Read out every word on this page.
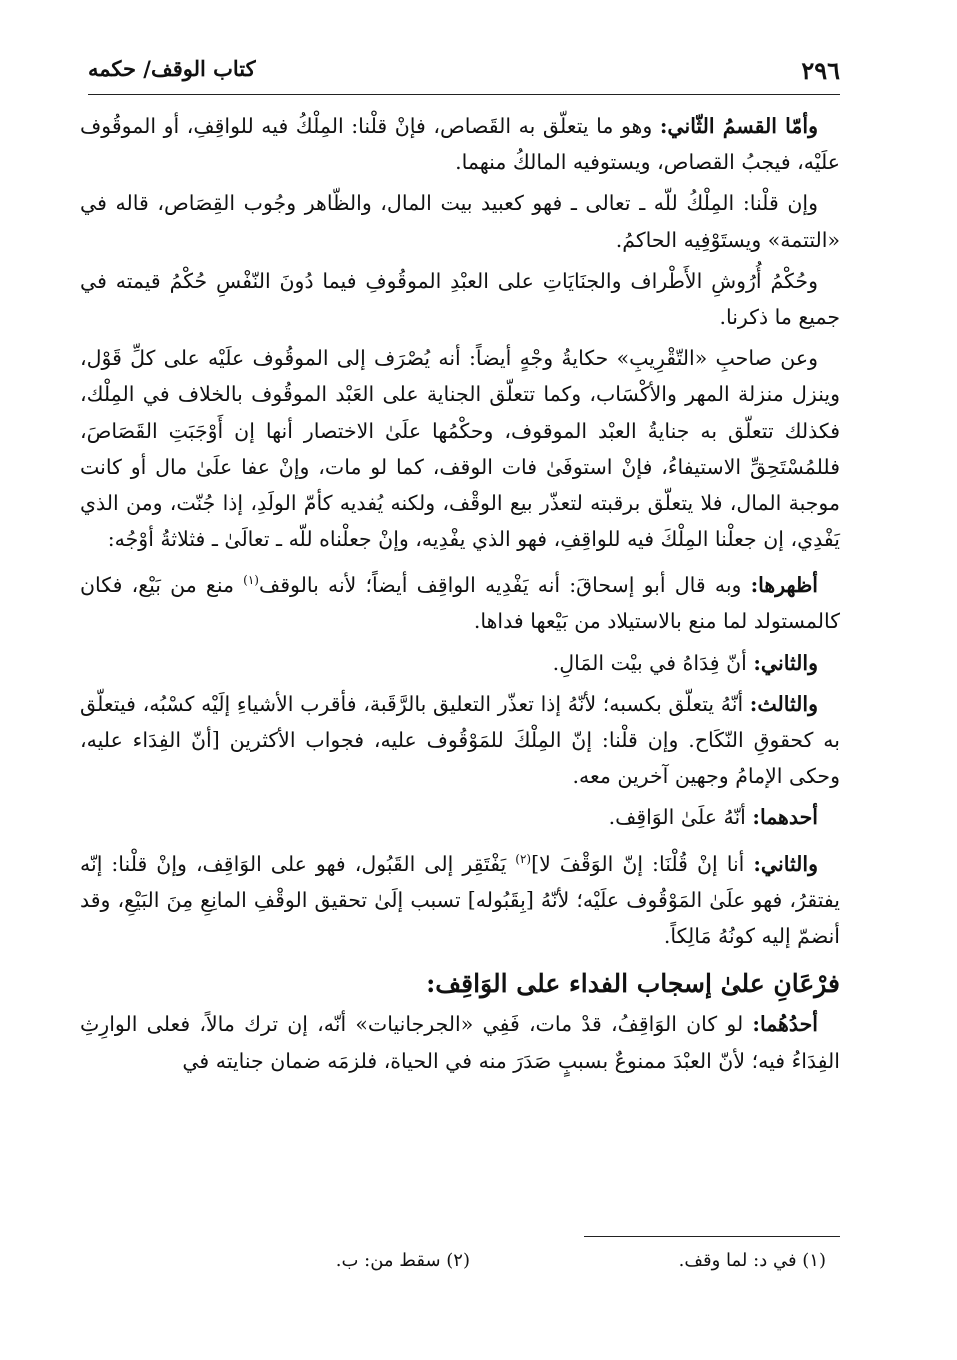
٢٩٦
كتاب الوقف/ حكمه

وأمّا القسمُ الثّاني: وهو ما يتعلّق به القَصاص، فإنْ قلْنا: المِلْكُ فيه للواقِفِ، أو الموقُوف علَيْه، فيجبُ القصاص، ويستوفيه المالكُ منهما.

وإن قلْنا: المِلْكُ للّه ـ تعالى ـ فهو كعبيد بيت المال، والظّاهر وجُوب القِصَاص، قاله في «التتمة» ويستَوْفِيه الحاكمُ.

وحُكْمُ أُرُوشِ الأَطْراف والجنَايَاتِ على العبْدِ الموقُوفِ فيما دُونَ النّفْسِ حُكْمُ قيمته في جميع ما ذكرنا.

وعن صاحبِ «التّقْرِيبِ» حكايةُ وجْهٍ أيضاً: أنه يُصْرَف إلى الموقُوف علَيْه على كلِّ قَوْل، وينزل منزلة المهر والأكْسَاب، وكما تتعلّق الجناية على العَبْد الموقُوف بالخلاف في المِلْك، فكذلك تتعلّق به جنايةُ العبْد الموقوف، وحكْمُها علَىٰ الاختصار أنها إن أَوْجَبَتِ القَصَاصَ، فللمُسْتَحِقِّ الاستيفاءُ، فإنْ استوفَىٰ فات الوقف، كما لو مات، وإنْ عفا علَىٰ مال أو كانت موجبة المال، فلا يتعلّق برقبته لتعذّر بيع الوقْف، ولكنه يُفديه كأمّ الولَدِ، إذا جُنّت، ومن الذي يَفْدِي، إن جعلْنا المِلْكَ فيه للواقِفِ، فهو الذي يفْدِيه، وإنْ جعلْناه للّه ـ تعالَىٰ ـ فثلاثةُ أوْجُه:

أظهرها: وبه قال أبو إسحاقَ: أنه يَفْدِيه الواقِف أيضاً؛ لأنه بالوقف$^{(١)}$ منع من بَيْع، فكان كالمستولد لما منع بالاستيلاد من بَيْعها فداها.

والثاني: أنّ فِدَاهُ في بيْت المَالِ.

والثالث: أنّهُ يتعلّق بكسبه؛ لأنّهُ إذا تعذّر التعليق بالرَّقَبة، فأقرب الأشياءِ إلَيْه كسْبُه، فيتعلّق به كحقوقِ النّكَاح. وإن قلْنا: إنّ المِلْكَ للمَوْقُوف عليه، فجواب الأكثرين [أنّ الفِدَاء عليه، وحكى الإمامُ وجهين آخرين معه.

أحدهما: أنّهُ علَىٰ الوَاقِف.

والثاني: أنا إنْ قُلْنَا: إنّ الوَقْفَ لا]$^{(٢)}$ يَفْتَقِر إلى القَبُول، فهو على الوَاقِف، وإنْ قلْنا: إنّه يفتقرُ، فهو علَىٰ المَوْقُوف علَيْه؛ لأنّهُ [بِقَبُوله] تسبب إلَىٰ تحقيق الوقْفِ المانِعِ مِنَ البَيْعِ، وقد أنضمّ إليه كونُهُ مَالِكاً.

فرْعَانِ علىٰ إسجاب الفداء على الوَاقِف:

أحدُهُما: لو كان الوَاقِفُ، قدْ مات، فَفِي «الجرجانيات» أنّه، إن ترك مالاً، فعلى الوارِثِ الفِدَاءُ فيه؛ لأنّ العبْدَ ممنوعٌ بسببٍ صَدَرَ منه في الحياة، فلزمَه ضمان جنايته في

(١) في د: لما وقف.
(٢) سقط من: ب.
